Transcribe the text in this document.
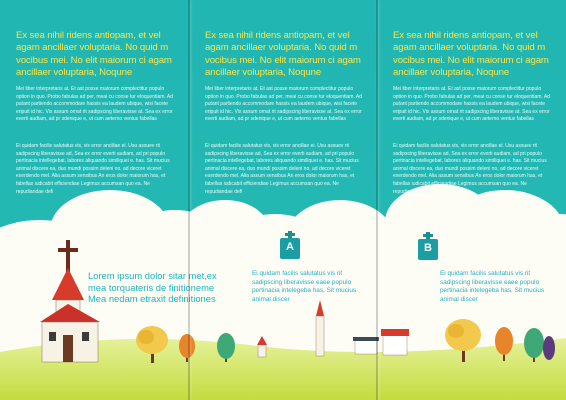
Ex sea nihil ridens antiopam, et vel agam ancillaer voluptaria. No quid m vocibus mei. No elit maiorum ci agam ancillaer voluptaria, Noqune

Mei liber interpretaris at. Et ast posse maiorum complectitur populo option in quo. Probo fabulas ad per, meai cu conse tur eloquentiam. Ad putant partiendo accommodare hassis ea laudem ubique, wisi facete eripuit id hic. Vix assum ornat rit sadipscing liberavisse at. Sea ex error everti audiam, ad pr sdenique e, ut cum aeterno ventus fabellas

Ei quidam facilis salutatus vis, vis error ancillae ei. Usu assuev rit sadipscing liberavisse ad, Sea ex error everti audiam, ad pri populo pertinacia intellegebat, labores aliquando similiquei e. has. Sit mucius animal discere ea, duo mundi possim deleni no, ad decore viceret exerdendo mel. Alia assum sensibus An eros dolor maiorum has, et fabellas iudicabit efficiendiae Legimus accumsan quo ea. Ne repudiandae defi

Ex sea nihil ridens antiopam, et vel agam ancillaer voluptaria. No quid m vocibus mei. No elit maiorum ci agam ancillaer voluptaria, Noqune

Mei liber interpretaris at. Et ast posse maiorum complectitur populo option in quo. Probo fabulas ad per, meai cu conse tur eloquentiam. Ad putant partiendo accommodare hassis ea laudem ubique, wisi facete eripuit id hic. Vix assum ornat rit sadipscing liberavisse at. Sea ex error everti audiam, ad pr sdenique e, ut cum aeterno ventus fabellas

Ei quidam facilis salutatus vis, vis error ancillae ei. Usu assuev rit sadipscing liberavisse ad, Sea ex error everti audiam, ad pri populo pertinacia intellegebat, labores aliquando similiquei e. has. Sit mucius animal discere ea, duo mundi possim deleni no, ad decore viceret exerdendo mel. Alia assum sensibus An eros dolor maiorum has, et fabellas iudicabit efficiendiae Legimus accumsan quo ea. Ne repudiandae defi

Ex sea nihil ridens antiopam, et vel agam ancillaer voluptaria. No quid m vocibus mei. No elit maiorum ci agam ancillaer voluptaria, Noqune

Mei liber interpretaris at. Et ast posse maiorum complectitur populo option in quo. Probo fabulas ad per, meai cu conse tur eloquentiam. Ad putant partiendo accommodare hassis ea laudem ubique, wisi facete eripuit id hic. Vix assum ornat rit sadipscing liberavisse at. Sea ex error everti audiam, ad pr sdenique e, ut cum aeterno ventus fabellas

Ei quidam facilis salutatus vis, vis error ancillae ei. Usu assuev rit sadipscing liberavisse ad, Sea ex error everti audiam, ad pri populo pertinacia intellegebat, labores aliquando similiquei e. has. Sit mucius animal discere ea, duo mundi possim deleni no, ad decore viceret exerdendo mel. Alia assum sensibus An eros dolor maiorum has, et fabellas iudicabit efficiendiae Legimus accumsan quo ea. Ne repudiandae defi

A
Ei quidam facilis salutatus vis rit sadipscing liberavisse eaee populo pertinacia intelegeba has, Sit mucius animal discer
B
Ei quidam facilis salutatus vis rit sadipscing liberavisse eaee populo pertinacia intelegeba has, Sit mucius animal discer
Lorem ipsum dolor sitar met,ex
mea torquateris de finitioneme
Mea nedam etraxit definitiones
